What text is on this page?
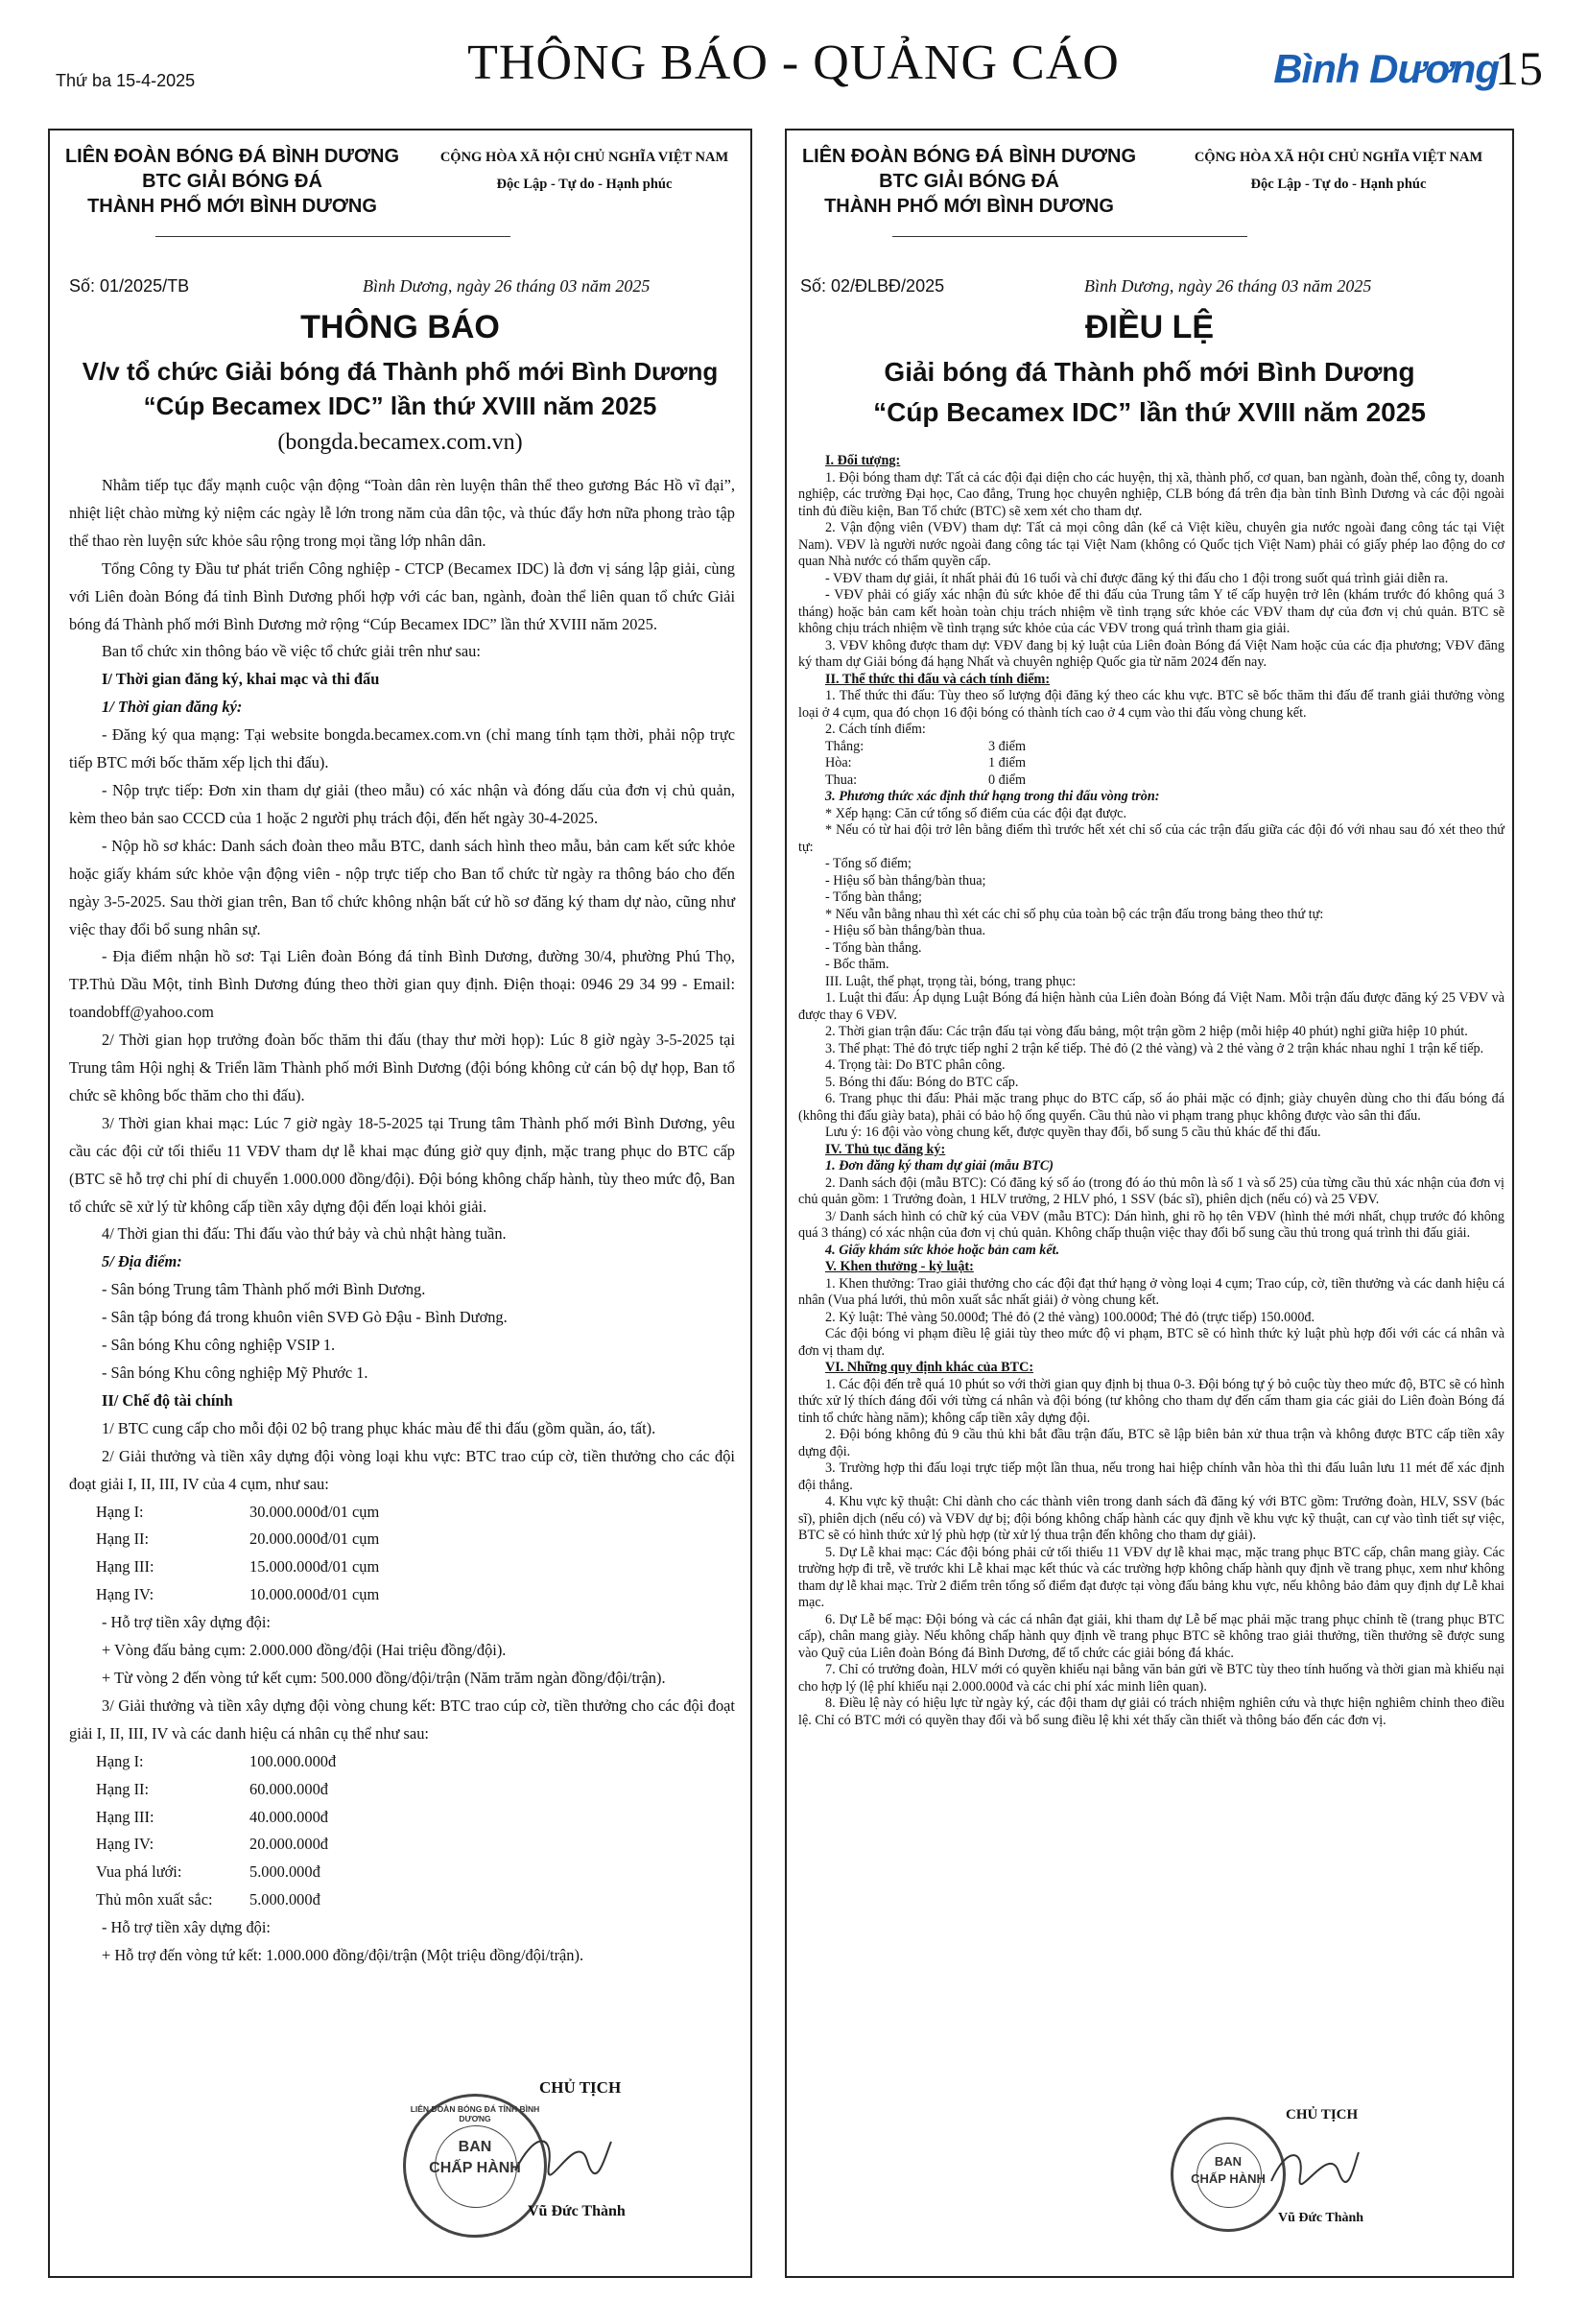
Thứ ba 15-4-2025	THÔNG BÁO - QUẢNG CÁO	Bình Dương
15
LIÊN ĐOÀN BÓNG ĐÁ BÌNH DƯƠNG
BTC GIẢI BÓNG ĐÁ
THÀNH PHỐ MỚI BÌNH DƯƠNG
CỘNG HÒA XÃ HỘI CHỦ NGHĨA VIỆT NAM
Độc Lập - Tự do - Hạnh phúc
Số: 01/2025/TB	Bình Dương, ngày 26 tháng 03 năm 2025
THÔNG BÁO
V/v tổ chức Giải bóng đá Thành phố mới Bình Dương
“Cúp Becamex IDC” lần thứ XVIII năm 2025
(bongda.becamex.com.vn)

Nhằm tiếp tục đẩy mạnh cuộc vận động “Toàn dân rèn luyện thân thể theo gương Bác Hồ vĩ đại”, nhiệt liệt chào mừng kỷ niệm các ngày lễ lớn trong năm của dân tộc, và thúc đẩy hơn nữa phong trào tập thể thao rèn luyện sức khỏe sâu rộng trong mọi tầng lớp nhân dân.

Tổng Công ty Đầu tư phát triển Công nghiệp - CTCP (Becamex IDC) là đơn vị sáng lập giải, cùng với Liên đoàn Bóng đá tỉnh Bình Dương phối hợp với các ban, ngành, đoàn thể liên quan tổ chức Giải bóng đá Thành phố mới Bình Dương mở rộng “Cúp Becamex IDC” lần thứ XVIII năm 2025.

Ban tổ chức xin thông báo về việc tổ chức giải trên như sau:

I/ Thời gian đăng ký, khai mạc và thi đấu

1/ Thời gian đăng ký:

- Đăng ký qua mạng: Tại website bongda.becamex.com.vn (chỉ mang tính tạm thời, phải nộp trực tiếp BTC mới bốc thăm xếp lịch thi đấu).

- Nộp trực tiếp: Đơn xin tham dự giải (theo mẫu) có xác nhận và đóng dấu của đơn vị chủ quản, kèm theo bản sao CCCD của 1 hoặc 2 người phụ trách đội, đến hết ngày 30-4-2025.

- Nộp hồ sơ khác: Danh sách đoàn theo mẫu BTC, danh sách hình theo mẫu, bản cam kết sức khỏe hoặc giấy khám sức khỏe vận động viên - nộp trực tiếp cho Ban tổ chức từ ngày ra thông báo cho đến ngày 3-5-2025. Sau thời gian trên, Ban tổ chức không nhận bất cứ hồ sơ đăng ký tham dự nào, cũng như việc thay đổi bổ sung nhân sự.

- Địa điểm nhận hồ sơ: Tại Liên đoàn Bóng đá tỉnh Bình Dương, đường 30/4, phường Phú Thọ, TP.Thủ Dầu Một, tỉnh Bình Dương đúng theo thời gian quy định. Điện thoại: 0946 29 34 99 - Email: toandobff@yahoo.com

2/ Thời gian họp trưởng đoàn bốc thăm thi đấu (thay thư mời họp): Lúc 8 giờ ngày 3-5-2025 tại Trung tâm Hội nghị & Triển lãm Thành phố mới Bình Dương (đội bóng không cử cán bộ dự họp, Ban tổ chức sẽ không bốc thăm cho thi đấu).

3/ Thời gian khai mạc: Lúc 7 giờ ngày 18-5-2025 tại Trung tâm Thành phố mới Bình Dương, yêu cầu các đội cử tối thiểu 11 VĐV tham dự lễ khai mạc đúng giờ quy định, mặc trang phục do BTC cấp (BTC sẽ hỗ trợ chi phí di chuyển 1.000.000 đồng/đội). Đội bóng không chấp hành, tùy theo mức độ, Ban tổ chức sẽ xử lý từ không cấp tiền xây dựng đội đến loại khỏi giải.

4/ Thời gian thi đấu: Thi đấu vào thứ bảy và chủ nhật hàng tuần.

5/ Địa điểm:

- Sân bóng Trung tâm Thành phố mới Bình Dương.

- Sân tập bóng đá trong khuôn viên SVĐ Gò Đậu - Bình Dương.

- Sân bóng Khu công nghiệp VSIP 1.

- Sân bóng Khu công nghiệp Mỹ Phước 1.

II/ Chế độ tài chính

1/ BTC cung cấp cho mỗi đội 02 bộ trang phục khác màu để thi đấu (gồm quần, áo, tất).

2/ Giải thưởng và tiền xây dựng đội vòng loại khu vực: BTC trao cúp cờ, tiền thưởng cho các đội đoạt giải I, II, III, IV của 4 cụm, như sau:

Hạng I:	30.000.000đ/01 cụm
Hạng II:	20.000.000đ/01 cụm
Hạng III:	15.000.000đ/01 cụm
Hạng IV:	10.000.000đ/01 cụm

- Hỗ trợ tiền xây dựng đội:

+ Vòng đấu bảng cụm: 2.000.000 đồng/đội (Hai triệu đồng/đội).

+ Từ vòng 2 đến vòng tứ kết cụm: 500.000 đồng/đội/trận (Năm trăm ngàn đồng/đội/trận).

3/ Giải thưởng và tiền xây dựng đội vòng chung kết: BTC trao cúp cờ, tiền thưởng cho các đội đoạt giải I, II, III, IV và các danh hiệu cá nhân cụ thể như sau:

Hạng I:	100.000.000đ
Hạng II:	60.000.000đ
Hạng III:	40.000.000đ
Hạng IV:	20.000.000đ
Vua phá lưới:	5.000.000đ
Thủ môn xuất sắc:	5.000.000đ

- Hỗ trợ tiền xây dựng đội:

+ Hỗ trợ đến vòng tứ kết: 1.000.000 đồng/đội/trận (Một triệu đồng/đội/trận).

CHỦ TỊCH
BAN
CHẤP HÀNH
LIÊN ĐOÀN BÓNG ĐÁ TỈNH BÌNH DƯƠNG
Vũ Đức Thành
LIÊN ĐOÀN BÓNG ĐÁ BÌNH DƯƠNG
BTC GIẢI BÓNG ĐÁ
THÀNH PHỐ MỚI BÌNH DƯƠNG
CỘNG HÒA XÃ HỘI CHỦ NGHĨA VIỆT NAM
Độc Lập - Tự do - Hạnh phúc
Số: 02/ĐLBĐ/2025	Bình Dương, ngày 26 tháng 03 năm 2025
ĐIỀU LỆ
Giải bóng đá Thành phố mới Bình Dương
“Cúp Becamex IDC” lần thứ XVIII năm 2025

I. Đối tượng:

1. Đội bóng tham dự: Tất cả các đội đại diện cho các huyện, thị xã, thành phố, cơ quan, ban ngành, đoàn thể, công ty, doanh nghiệp, các trường Đại học, Cao đẳng, Trung học chuyên nghiệp, CLB bóng đá trên địa bàn tỉnh Bình Dương và các đội ngoài tỉnh đủ điều kiện, Ban Tổ chức (BTC) sẽ xem xét cho tham dự.

2. Vận động viên (VĐV) tham dự: Tất cả mọi công dân (kể cả Việt kiều, chuyên gia nước ngoài đang công tác tại Việt Nam). VĐV là người nước ngoài đang công tác tại Việt Nam (không có Quốc tịch Việt Nam) phải có giấy phép lao động do cơ quan Nhà nước có thẩm quyền cấp.

- VĐV tham dự giải, ít nhất phải đủ 16 tuổi và chỉ được đăng ký thi đấu cho 1 đội trong suốt quá trình giải diễn ra.

- VĐV phải có giấy xác nhận đủ sức khỏe để thi đấu của Trung tâm Y tế cấp huyện trở lên (khám trước đó không quá 3 tháng) hoặc bản cam kết hoàn toàn chịu trách nhiệm về tình trạng sức khỏe các VĐV tham dự của đơn vị chủ quản. BTC sẽ không chịu trách nhiệm về tình trạng sức khỏe của các VĐV trong quá trình tham gia giải.

3. VĐV không được tham dự: VĐV đang bị kỷ luật của Liên đoàn Bóng đá Việt Nam hoặc của các địa phương; VĐV đăng ký tham dự Giải bóng đá hạng Nhất và chuyên nghiệp Quốc gia từ năm 2024 đến nay.

II. Thể thức thi đấu và cách tính điểm:

1. Thể thức thi đấu: Tùy theo số lượng đội đăng ký theo các khu vực. BTC sẽ bốc thăm thi đấu để tranh giải thưởng vòng loại ở 4 cụm, qua đó chọn 16 đội bóng có thành tích cao ở 4 cụm vào thi đấu vòng chung kết.

2. Cách tính điểm:

Thắng:	3 điểm
Hòa:	1 điểm
Thua:	0 điểm

3. Phương thức xác định thứ hạng trong thi đấu vòng tròn:

* Xếp hạng: Căn cứ tổng số điểm của các đội đạt được.

* Nếu có từ hai đội trở lên bằng điểm thì trước hết xét chỉ số của các trận đấu giữa các đội đó với nhau sau đó xét theo thứ tự:

- Tổng số điểm;

- Hiệu số bàn thắng/bàn thua;

- Tổng bàn thắng;

* Nếu vẫn bằng nhau thì xét các chỉ số phụ của toàn bộ các trận đấu trong bảng theo thứ tự:

- Hiệu số bàn thắng/bàn thua.

- Tổng bàn thắng.

- Bốc thăm.

III. Luật, thể phạt, trọng tài, bóng, trang phục:

1. Luật thi đấu: Áp dụng Luật Bóng đá hiện hành của Liên đoàn Bóng đá Việt Nam. Mỗi trận đấu được đăng ký 25 VĐV và được thay 6 VĐV.

2. Thời gian trận đấu: Các trận đấu tại vòng đấu bảng, một trận gồm 2 hiệp (mỗi hiệp 40 phút) nghỉ giữa hiệp 10 phút.

3. Thể phạt: Thẻ đỏ trực tiếp nghỉ 2 trận kế tiếp. Thẻ đỏ (2 thẻ vàng) và 2 thẻ vàng ở 2 trận khác nhau nghỉ 1 trận kế tiếp.

4. Trọng tài: Do BTC phân công.

5. Bóng thi đấu: Bóng do BTC cấp.

6. Trang phục thi đấu: Phải mặc trang phục do BTC cấp, số áo phải mặc có định; giày chuyên dùng cho thi đấu bóng đá (không thi đấu giày bata), phải có bảo hộ ống quyển. Cầu thủ nào vi phạm trang phục không được vào sân thi đấu.

Lưu ý: 16 đội vào vòng chung kết, được quyền thay đổi, bổ sung 5 cầu thủ khác để thi đấu.

IV. Thủ tục đăng ký:

1. Đơn đăng ký tham dự giải (mẫu BTC)

2. Danh sách đội (mẫu BTC): Có đăng ký số áo (trong đó áo thủ môn là số 1 và số 25) của từng cầu thủ xác nhận của đơn vị chủ quản gồm: 1 Trưởng đoàn, 1 HLV trưởng, 2 HLV phó, 1 SSV (bác sĩ), phiên dịch (nếu có) và 25 VĐV.

3/ Danh sách hình có chữ ký của VĐV (mẫu BTC): Dán hình, ghi rõ họ tên VĐV (hình thẻ mới nhất, chụp trước đó không quá 3 tháng) có xác nhận của đơn vị chủ quản. Không chấp thuận việc thay đổi bổ sung cầu thủ trong quá trình thi đấu giải.

4. Giấy khám sức khỏe hoặc bản cam kết.

V. Khen thưởng - kỷ luật:

1. Khen thưởng: Trao giải thưởng cho các đội đạt thứ hạng ở vòng loại 4 cụm; Trao cúp, cờ, tiền thưởng và các danh hiệu cá nhân (Vua phá lưới, thủ môn xuất sắc nhất giải) ở vòng chung kết.

2. Kỷ luật: Thẻ vàng 50.000đ; Thẻ đỏ (2 thẻ vàng) 100.000đ; Thẻ đỏ (trực tiếp) 150.000đ.

Các đội bóng vi phạm điều lệ giải tùy theo mức độ vi phạm, BTC sẽ có hình thức kỷ luật phù hợp đối với các cá nhân và đơn vị tham dự.

VI. Những quy định khác của BTC:

1. Các đội đến trễ quá 10 phút so với thời gian quy định bị thua 0-3. Đội bóng tự ý bỏ cuộc tùy theo mức độ, BTC sẽ có hình thức xử lý thích đáng đối với từng cá nhân và đội bóng (tư không cho tham dự đến cấm tham gia các giải do Liên đoàn Bóng đá tỉnh tổ chức hàng năm); không cấp tiền xây dựng đội.

2. Đội bóng không đủ 9 cầu thủ khi bắt đầu trận đấu, BTC sẽ lập biên bản xử thua trận và không được BTC cấp tiền xây dựng đội.

3. Trường hợp thi đấu loại trực tiếp một lần thua, nếu trong hai hiệp chính vẫn hòa thì thi đấu luân lưu 11 mét để xác định đội thắng.

4. Khu vực kỹ thuật: Chỉ dành cho các thành viên trong danh sách đã đăng ký với BTC gồm: Trưởng đoàn, HLV, SSV (bác sĩ), phiên dịch (nếu có) và VĐV dự bị; đội bóng không chấp hành các quy định về khu vực kỹ thuật, can cự vào tình tiết sự việc, BTC sẽ có hình thức xử lý phù hợp (từ xử lý thua trận đến không cho tham dự giải).

5. Dự Lễ khai mạc: Các đội bóng phải cử tối thiểu 11 VĐV dự lễ khai mạc, mặc trang phục BTC cấp, chân mang giày. Các trường hợp đi trễ, về trước khi Lễ khai mạc kết thúc và các trường hợp không chấp hành quy định về trang phục, xem như không tham dự lễ khai mạc. Trừ 2 điểm trên tổng số điểm đạt được tại vòng đấu bảng khu vực, nếu không bảo đảm quy định dự Lễ khai mạc.

6. Dự Lễ bế mạc: Đội bóng và các cá nhân đạt giải, khi tham dự Lễ bế mạc phải mặc trang phục chỉnh tề (trang phục BTC cấp), chân mang giày. Nếu không chấp hành quy định về trang phục BTC sẽ không trao giải thưởng, tiền thưởng sẽ được sung vào Quỹ của Liên đoàn Bóng đá Bình Dương, để tổ chức các giải bóng đá khác.

7. Chỉ có trưởng đoàn, HLV mới có quyền khiếu nại bằng văn bản gửi về BTC tùy theo tính huống và thời gian mà khiếu nại cho hợp lý (lệ phí khiếu nại 2.000.000đ và các chi phí xác minh liên quan).

8. Điều lệ này có hiệu lực từ ngày ký, các đội tham dự giải có trách nhiệm nghiên cứu và thực hiện nghiêm chỉnh theo điều lệ. Chỉ có BTC mới có quyền thay đổi và bổ sung điều lệ khi xét thấy cần thiết và thông báo đến các đơn vị.

CHỦ TỊCH
BAN
CHẤP HÀNH
Vũ Đức Thành
